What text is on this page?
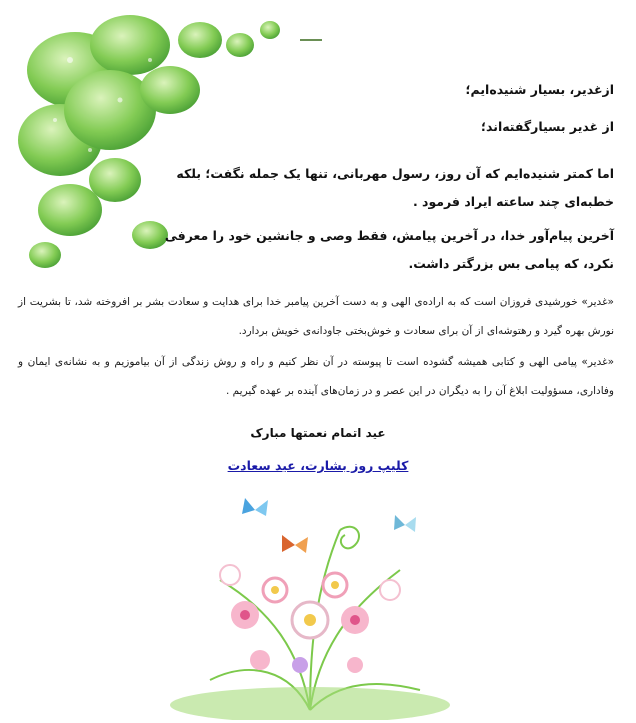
ازغدیر، بسیار شنیده‌ایم؛
از غدیر بسیارگفته‌اند؛
اما کمتر شنیده‌ایم که آن روز، رسول مهربانی، تنها یک جمله نگفت؛ بلکه خطبه‌ای چند ساعته ایراد فرمود .
آخرین پیام‌آور خدا، در آخرین پیامش، فقط وصی و جانشین خود را معرفی نکرد، که پیامی بس بزرگتر داشت.
«غدیر» خورشیدی فروزان است که به اراده‌ی الهی و به دست آخرین پیامبر خدا برای هدایت و سعادت بشر بر افروخته شد، تا بشریت از نورش بهره گیرد و رهتوشه‌ای از آن برای سعادت و خوش‌بختی جاودانه‌ی خویش بردارد.
«غدیر» پیامی الهی و کتابی همیشه گشوده است تا پیوسته در آن نظر کنیم و راه و روش زندگی از آن بیاموزیم و به نشانه‌ی ایمان و وفاداری، مسؤولیت ابلاغ آن را به دیگران در این عصر و در زمان‌های آینده بر عهده گیریم .
عید اتمام نعمتها مبارک
کلیپ روز بشارت، عید سعادت
